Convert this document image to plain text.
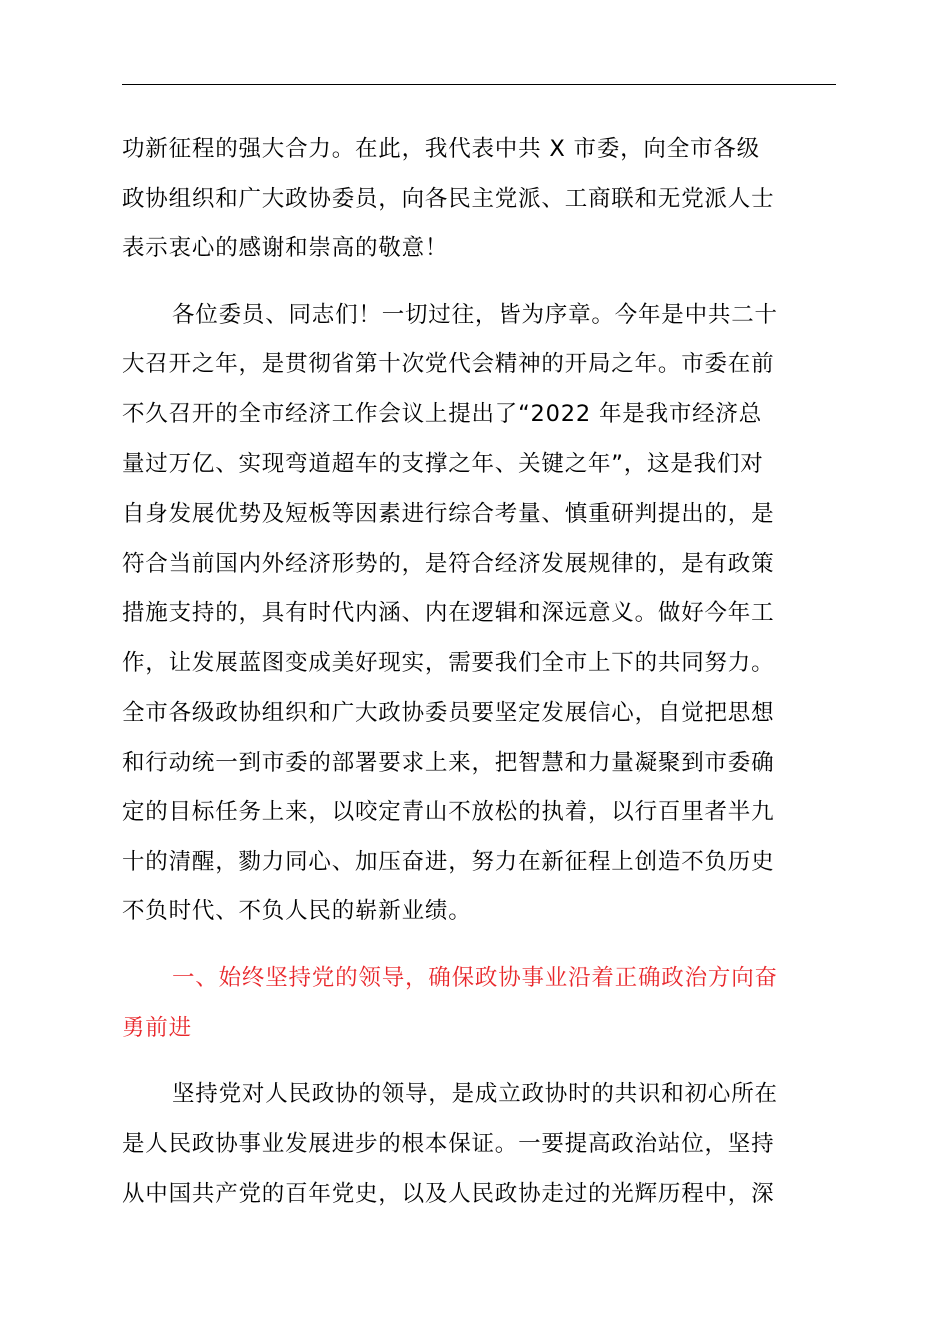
功新征程的强大合力。在此，我代表中共 X 市委，向全市各级
政协组织和广大政协委员，向各民主党派、工商联和无党派人士
表示衷心的感谢和崇高的敬意！
各位委员、同志们！一切过往，皆为序章。今年是中共二十
大召开之年，是贯彻省第十次党代会精神的开局之年。市委在前
不久召开的全市经济工作会议上提出了“2022 年是我市经济总
量过万亿、实现弯道超车的支撑之年、关键之年”，这是我们对
自身发展优势及短板等因素进行综合考量、慎重研判提出的，是
符合当前国内外经济形势的，是符合经济发展规律的，是有政策
措施支持的，具有时代内涵、内在逻辑和深远意义。做好今年工
作，让发展蓝图变成美好现实，需要我们全市上下的共同努力。
全市各级政协组织和广大政协委员要坚定发展信心，自觉把思想
和行动统一到市委的部署要求上来，把智慧和力量凝聚到市委确
定的目标任务上来，以咬定青山不放松的执着，以行百里者半九
十的清醒，勠力同心、加压奋进，努力在新征程上创造不负历史
不负时代、不负人民的崭新业绩。
一、始终坚持党的领导，确保政协事业沿着正确政治方向奋
勇前进
坚持党对人民政协的领导，是成立政协时的共识和初心所在
是人民政协事业发展进步的根本保证。一要提高政治站位，坚持
从中国共产党的百年党史，以及人民政协走过的光辉历程中，深
